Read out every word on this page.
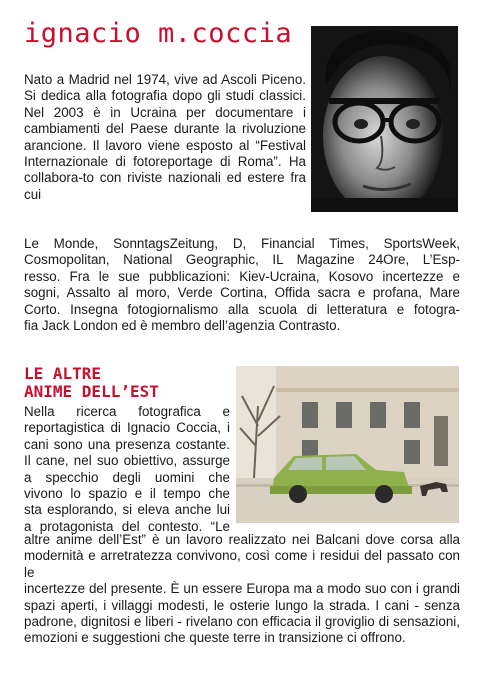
ignacio m.coccia

Nato a Madrid nel 1974, vive ad Ascoli Piceno. Si dedica alla fotografia dopo gli studi classici. Nel 2003 è in Ucraina per documentare i cambiamenti del Paese durante la rivoluzione arancione. Il lavoro viene esposto al “Festival Internazionale di fotoreportage di Roma”. Ha collabora-to con riviste nazionali ed estere fra cui

Le Monde, SonntagsZeitung, D, Financial Times, SportsWeek,
Cosmopolitan, National Geographic, IL Magazine 24Ore, L’Esp-
resso. Fra le sue pubblicazioni: Kiev-Ucraina, Kosovo incertezze e
sogni, Assalto al moro, Verde Cortina, Offida sacra e profana, Mare
Corto. Insegna fotogiornalismo alla scuola di letteratura e fotogra-
fia Jack London ed è membro dell’agenzia Contrasto.
LE ALTRE
ANIME DELL’EST
Nella ricerca fotografica e
reportagistica di Ignacio Coccia, i
cani sono una presenza costante.
Il cane, nel suo obiettivo, assurge
a specchio degli uomini che
vivono lo spazio e il tempo che
sta esplorando, si eleva anche lui
a protagonista del contesto. “Le
altre anime dell’Est” è un lavoro realizzato nei Balcani dove corsa alla
modernità e arretratezza convivono, così come i residui del passato con le
incertezze del presente. È un essere Europa ma a modo suo con i grandi
spazi aperti, i villaggi modesti, le osterie lungo la strada. I cani - senza
padrone, dignitosi e liberi - rivelano con efficacia il groviglio di sensazioni,
emozioni e suggestioni che queste terre in transizione ci offrono.
